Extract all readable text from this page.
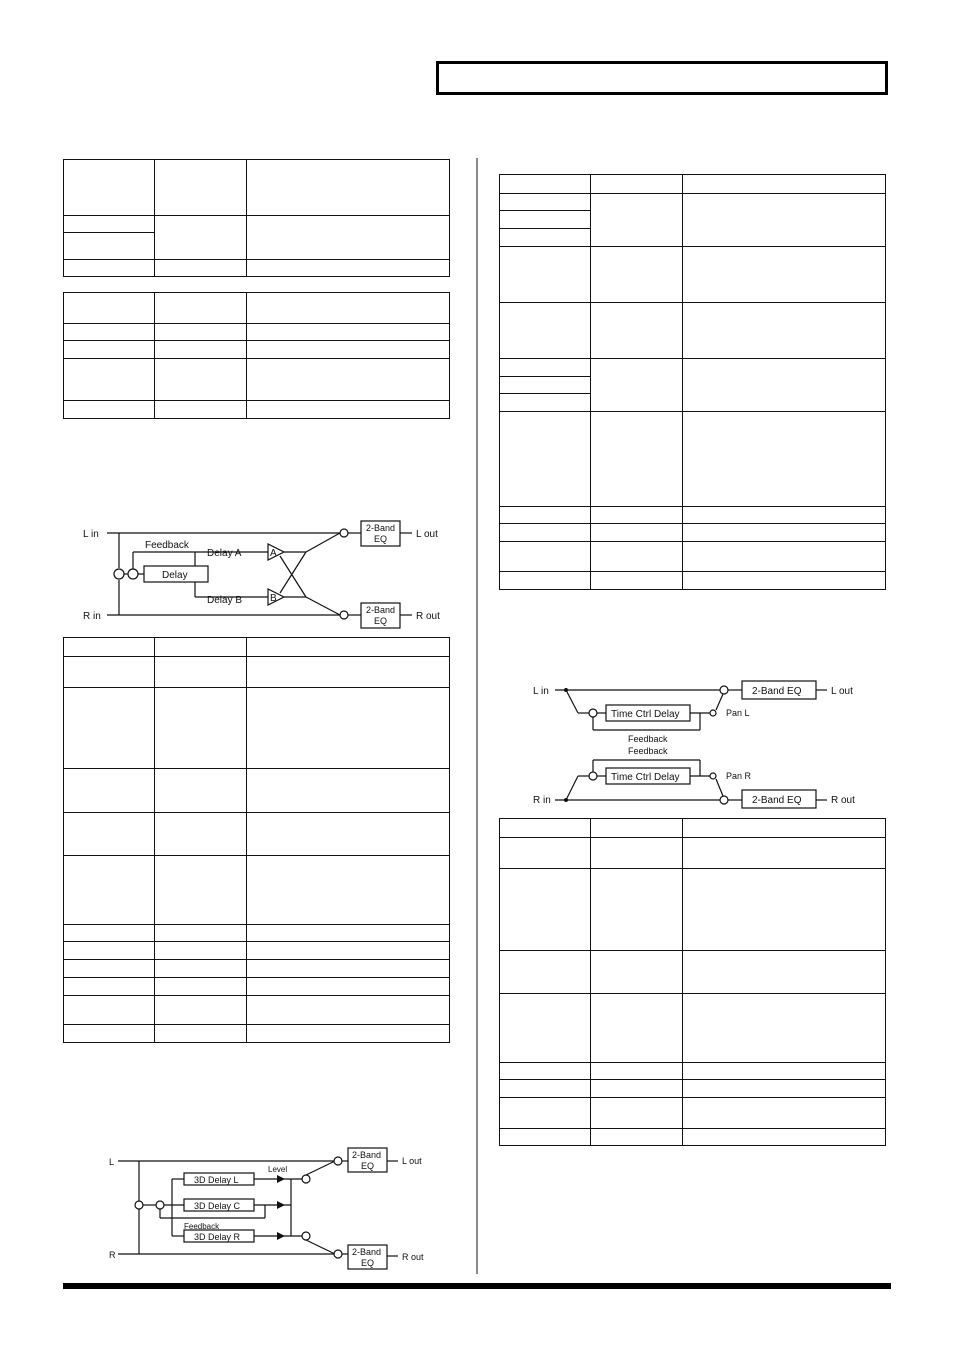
L in
R in
Delay
Feedback
Delay A
Delay B
A
B
2-Band
EQ
2-Band
EQ
L out
R out
L
R
3D Delay L
3D Delay C
3D Delay R
Level
Feedback
2-Band
EQ
2-Band
EQ
L out
R out
L in
R in
Time Ctrl Delay
Time Ctrl Delay
Pan L
Pan R
Feedback
Feedback
2-Band EQ
2-Band EQ
L out
R out
